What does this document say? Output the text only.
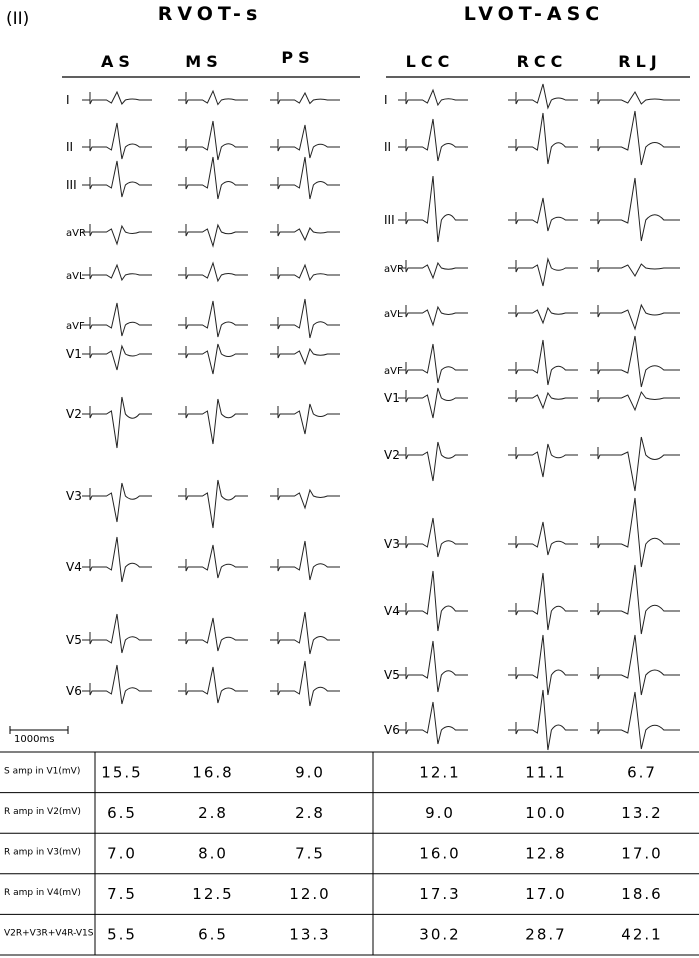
(II)	RVOT-s	LVOT-ASC
AS	MS	PS	LCC	RCC	RLJ
I
II
III
aVR
aVL
aVF
V1
V2
V3
V4
V5
V6
I
II
III
aVR
aVL
aVF
V1
V2
V3
V4
V5
V6
1000ms
S amp in V1(mV) 15.5	16.8	9.0	12.1	11.1	6.7
R amp in V2(mV) 6.5	2.8	2.8	9.0	10.0	13.2
R amp in V3(mV) 7.0	8.0	7.5	16.0	12.8	17.0
R amp in V4(mV) 7.5	12.5	12.0	17.3	17.0	18.6
V2R+V3R+V4R-V1S 5.5	6.5	13.3	30.2	28.7	42.1
